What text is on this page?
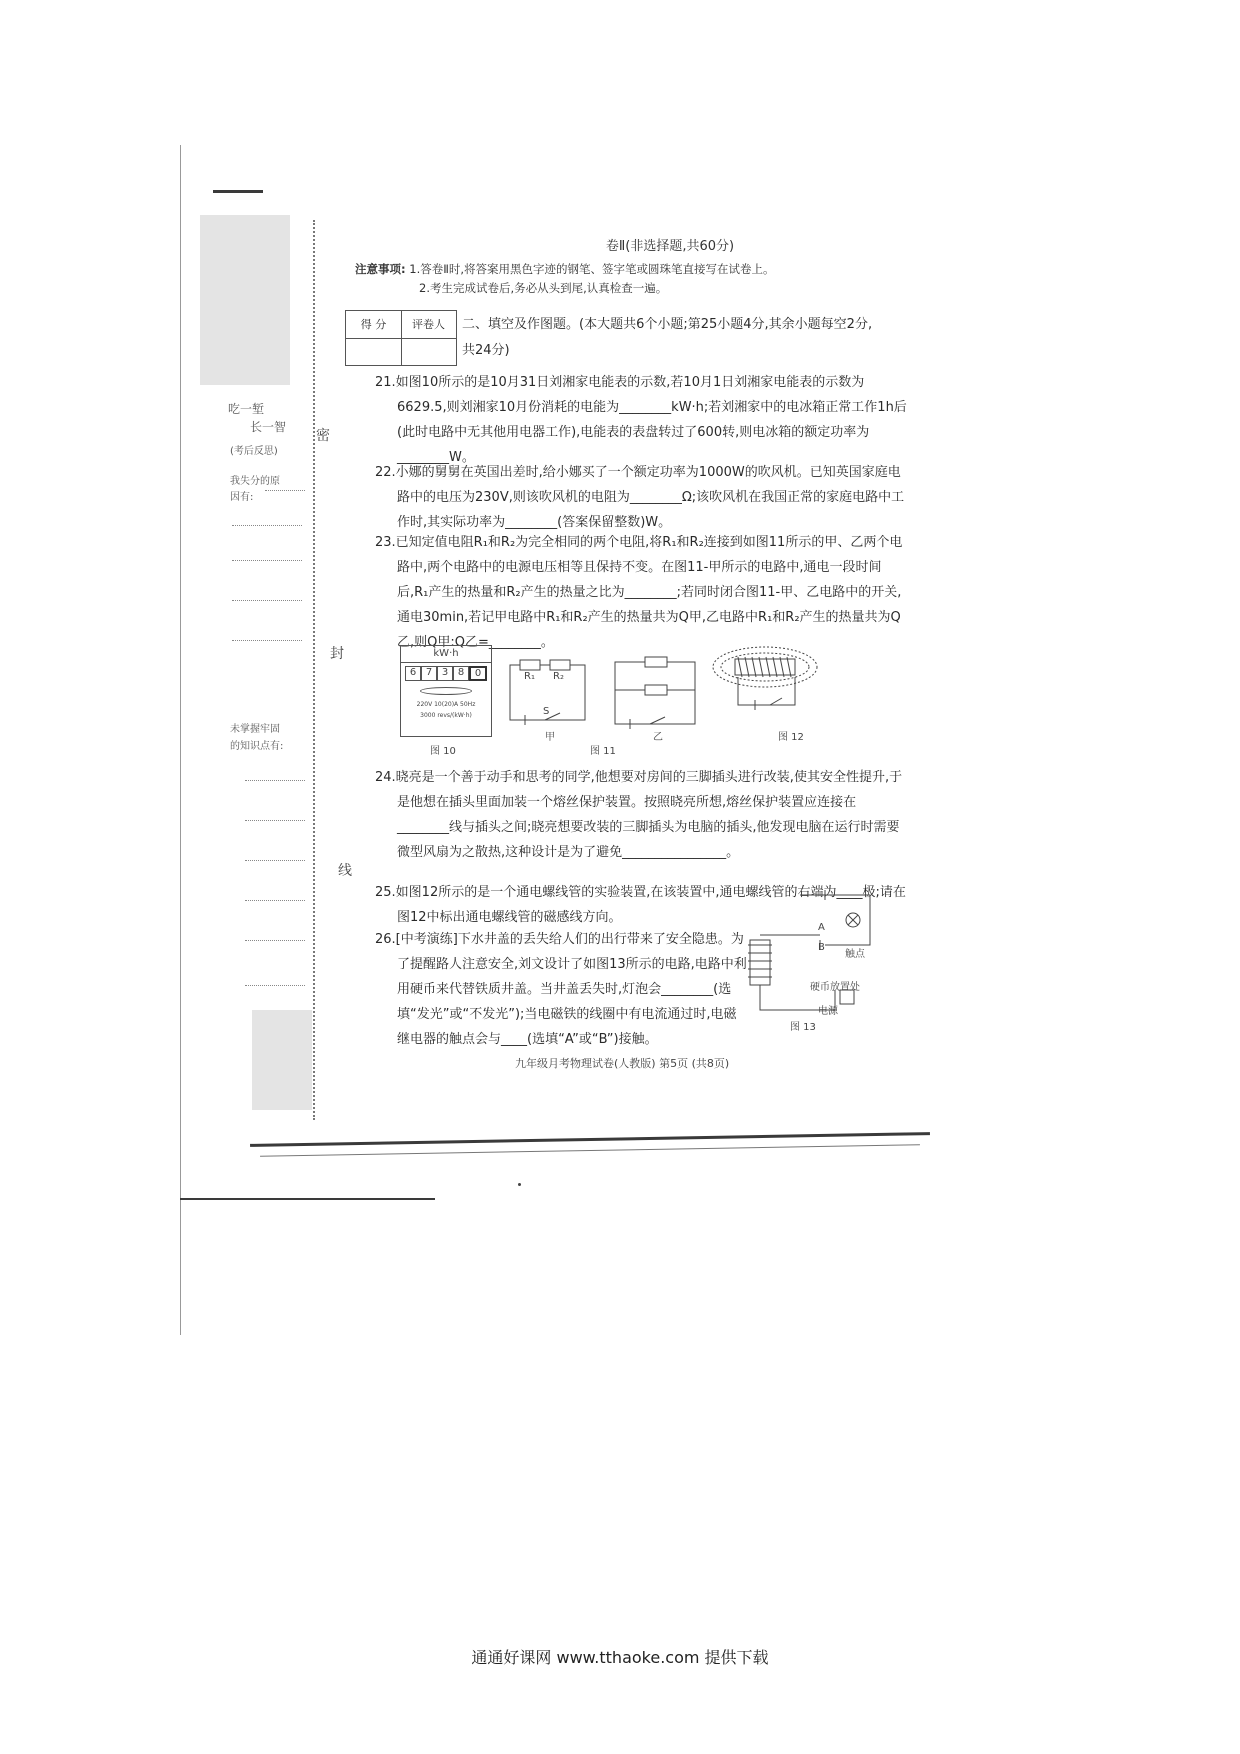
吃一堑
长一智
(考后反思)
我失分的原
因有:
未掌握牢固
的知识点有:
密
封
线
卷Ⅱ(非选择题,共60分)
注意事项: 1.答卷Ⅱ时,将答案用黑色字迹的钢笔、签字笔或圆珠笔直接写在试卷上。
2.考生完成试卷后,务必从头到尾,认真检查一遍。
得 分	评卷人	二、填空及作图题。(本大题共6个小题;第25小题4分,其余小题每空2分,共24分)
21.如图10所示的是10月31日刘湘家电能表的示数,若10月1日刘湘家电能表的示数为6629.5,则刘湘家10月份消耗的电能为________kW·h;若刘湘家中的电冰箱正常工作1h后(此时电路中无其他用电器工作),电能表的表盘转过了600转,则电冰箱的额定功率为________W。
22.小娜的舅舅在英国出差时,给小娜买了一个额定功率为1000W的吹风机。已知英国家庭电路中的电压为230V,则该吹风机的电阻为________Ω;该吹风机在我国正常的家庭电路中工作时,其实际功率为________(答案保留整数)W。
23.已知定值电阻R₁和R₂为完全相同的两个电阻,将R₁和R₂连接到如图11所示的甲、乙两个电路中,两个电路中的电源电压相等且保持不变。在图11-甲所示的电路中,通电一段时间后,R₁产生的热量和R₂产生的热量之比为________;若同时闭合图11-甲、乙电路中的开关,通电30min,若记甲电路中R₁和R₂产生的热量共为Q甲,乙电路中R₁和R₂产生的热量共为Q乙,则Q甲:Q乙=________。
kW·h
6 7 3 8	0
220V 10(20)A 50Hz
3000 revs/(kW·h)
图 10
R₁ R₂
S
甲	乙
图 11
图 12
24.晓亮是一个善于动手和思考的同学,他想要对房间的三脚插头进行改装,使其安全性提升,于是他想在插头里面加装一个熔丝保护装置。按照晓亮所想,熔丝保护装置应连接在________线与插头之间;晓亮想要改装的三脚插头为电脑的插头,他发现电脑在运行时需要微型风扇为之散热,这种设计是为了避免________________。
25.如图12所示的是一个通电螺线管的实验装置,在该装置中,通电螺线管的右端为____极;请在图12中标出通电螺线管的磁感线方向。
26.[中考演练]下水井盖的丢失给人们的出行带来了安全隐患。为了提醒路人注意安全,刘文设计了如图13所示的电路,电路中利用硬币来代替铁质井盖。当井盖丢失时,灯泡会________(选填“发光”或“不发光”);当电磁铁的线圈中有电流通过时,电磁继电器的触点会与____(选填“A”或“B”)接触。
A
B
触点
硬币放置处
电源
图 13
九年级月考物理试卷(人教版) 第5页 (共8页)
通通好课网 www.tthaoke.com 提供下载
